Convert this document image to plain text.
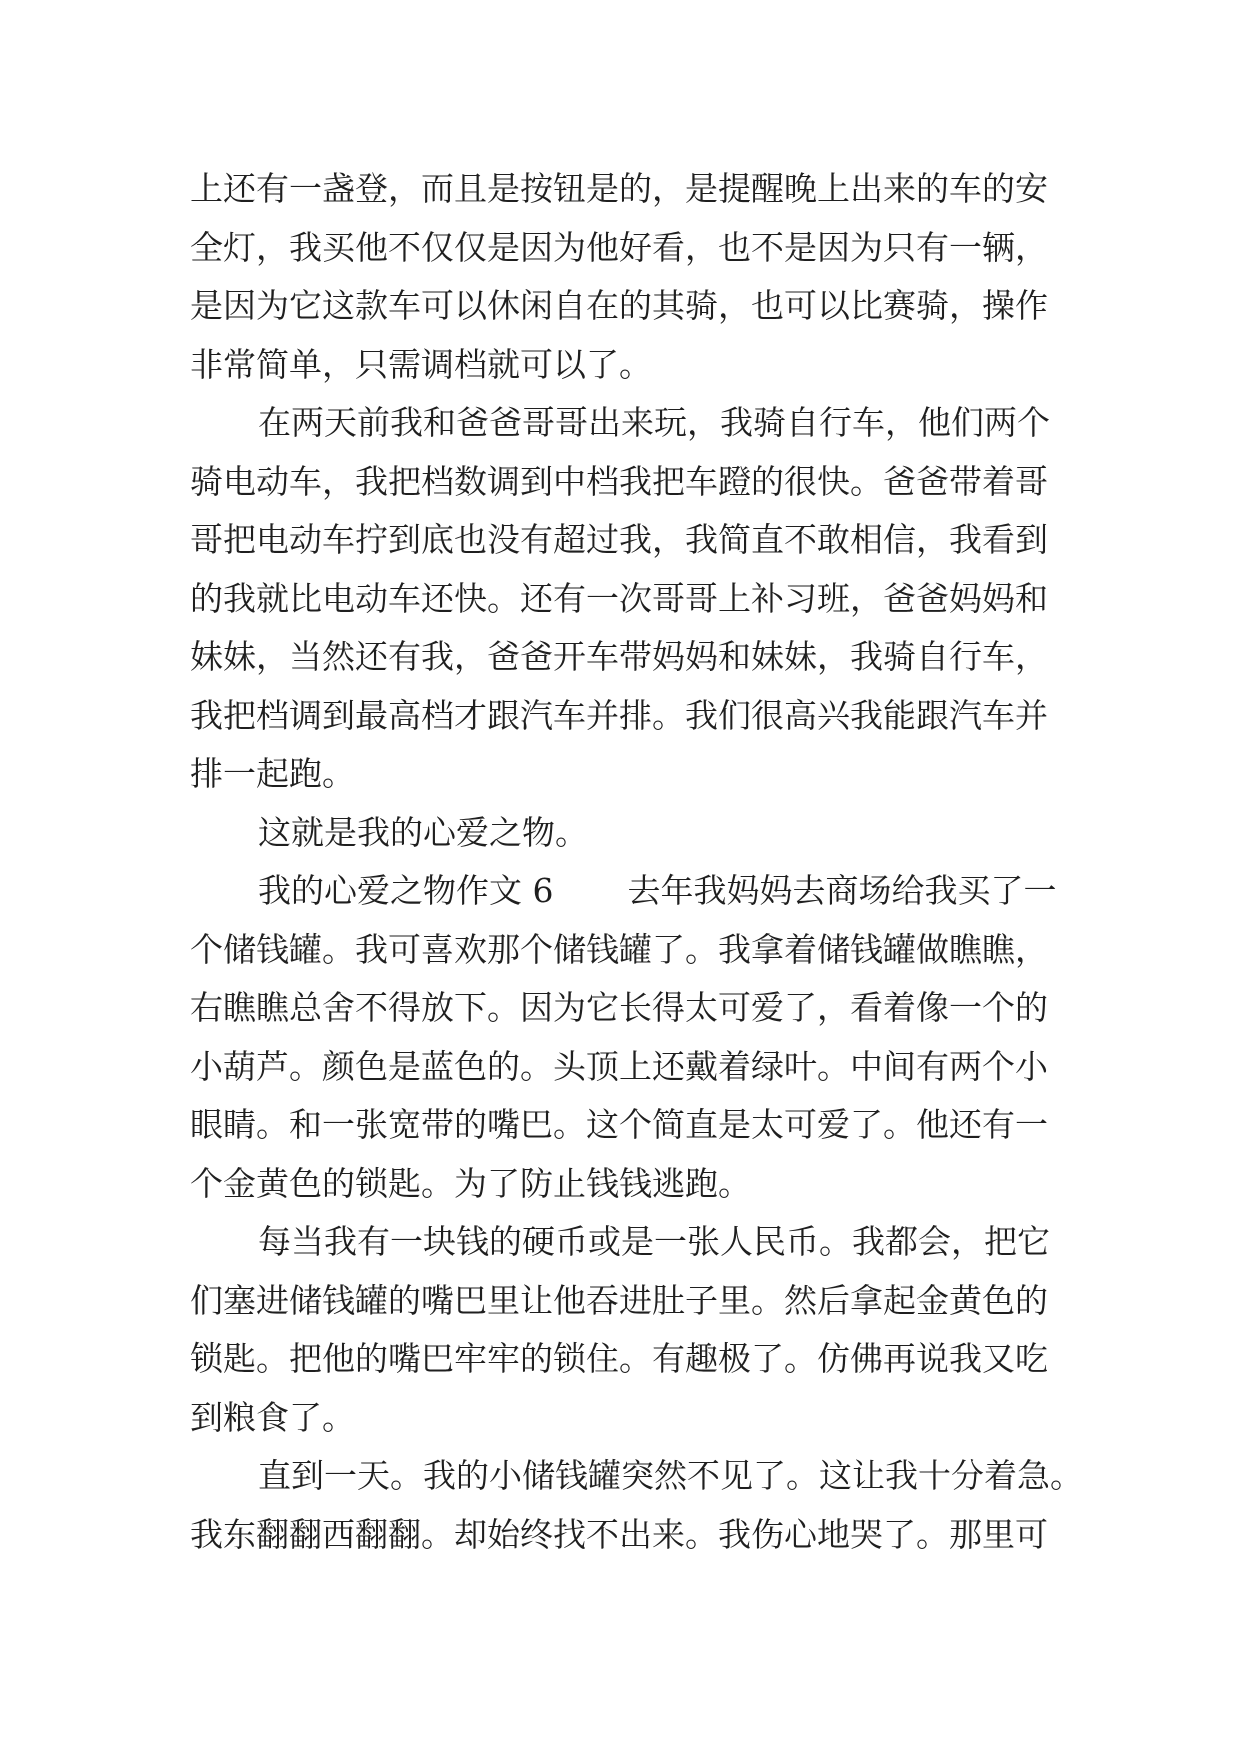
上还有一盏登，而且是按钮是的，是提醒晚上出来的车的安
全灯，我买他不仅仅是因为他好看，也不是因为只有一辆，
是因为它这款车可以休闲自在的其骑，也可以比赛骑，操作
非常简单，只需调档就可以了。
在两天前我和爸爸哥哥出来玩，我骑自行车，他们两个
骑电动车，我把档数调到中档我把车蹬的很快。爸爸带着哥
哥把电动车拧到底也没有超过我，我简直不敢相信，我看到
的我就比电动车还快。还有一次哥哥上补习班，爸爸妈妈和
妹妹，当然还有我，爸爸开车带妈妈和妹妹，我骑自行车，
我把档调到最高档才跟汽车并排。我们很高兴我能跟汽车并
排一起跑。
这就是我的心爱之物。
我的心爱之物作文 6 去年我妈妈去商场给我买了一
个储钱罐。我可喜欢那个储钱罐了。我拿着储钱罐做瞧瞧，
右瞧瞧总舍不得放下。因为它长得太可爱了，看着像一个的
小葫芦。颜色是蓝色的。头顶上还戴着绿叶。中间有两个小
眼睛。和一张宽带的嘴巴。这个简直是太可爱了。他还有一
个金黄色的锁匙。为了防止钱钱逃跑。
每当我有一块钱的硬币或是一张人民币。我都会，把它
们塞进储钱罐的嘴巴里让他吞进肚子里。然后拿起金黄色的
锁匙。把他的嘴巴牢牢的锁住。有趣极了。仿佛再说我又吃
到粮食了。
直到一天。我的小储钱罐突然不见了。这让我十分着急。
我东翻翻西翻翻。却始终找不出来。我伤心地哭了。那里可
